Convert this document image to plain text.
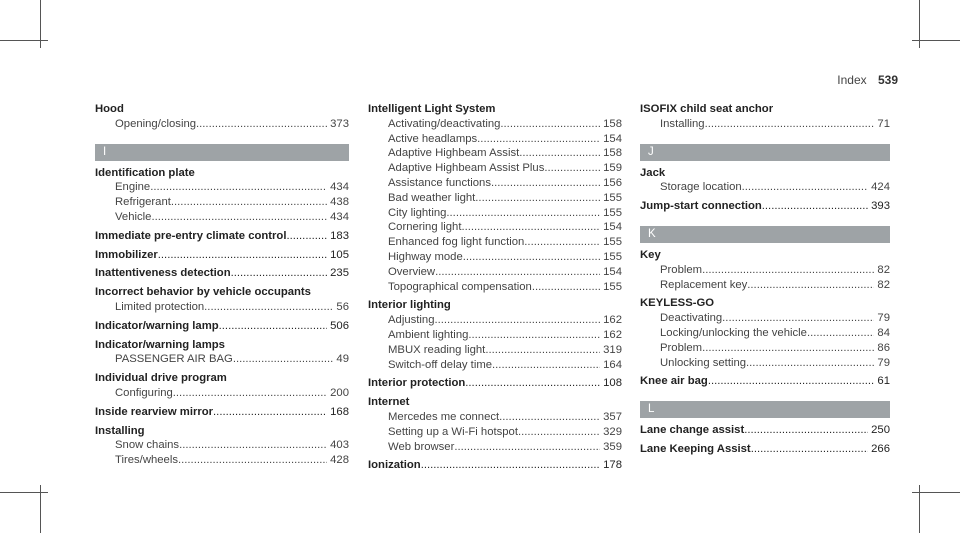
Index 539
Hood
Opening/closing .....	373
I
Identification plate
Engine .....	434
Refrigerant .....	438
Vehicle .....	434
Immediate pre-entry climate control .....	183
Immobilizer .....	105
Inattentiveness detection .....	235
Incorrect behavior by vehicle occupants
Limited protection .....	56
Indicator/warning lamp .....	506
Indicator/warning lamps
PASSENGER AIR BAG .....	49
Individual drive program
Configuring .....	200
Inside rearview mirror .....	168
Installing
Snow chains .....	403
Tires/wheels .....	428
Intelligent Light System
Activating/deactivating .....	158
Active headlamps .....	154
Adaptive Highbeam Assist .....	158
Adaptive Highbeam Assist Plus .....	159
Assistance functions .....	156
Bad weather light .....	155
City lighting .....	155
Cornering light .....	154
Enhanced fog light function .....	155
Highway mode .....	155
Overview .....	154
Topographical compensation .....	155
Interior lighting
Adjusting .....	162
Ambient lighting .....	162
MBUX reading light .....	319
Switch-off delay time .....	164
Interior protection .....	108
Internet
Mercedes me connect .....	357
Setting up a Wi-Fi hotspot .....	329
Web browser .....	359
Ionization .....	178
ISOFIX child seat anchor
Installing .....	71
J
Jack
Storage location .....	424
Jump-start connection .....	393
K
Key
Problem .....	82
Replacement key .....	82
KEYLESS-GO
Deactivating .....	79
Locking/unlocking the vehicle .....	84
Problem .....	86
Unlocking setting .....	79
Knee air bag .....	61
L
Lane change assist .....	250
Lane Keeping Assist .....	266
